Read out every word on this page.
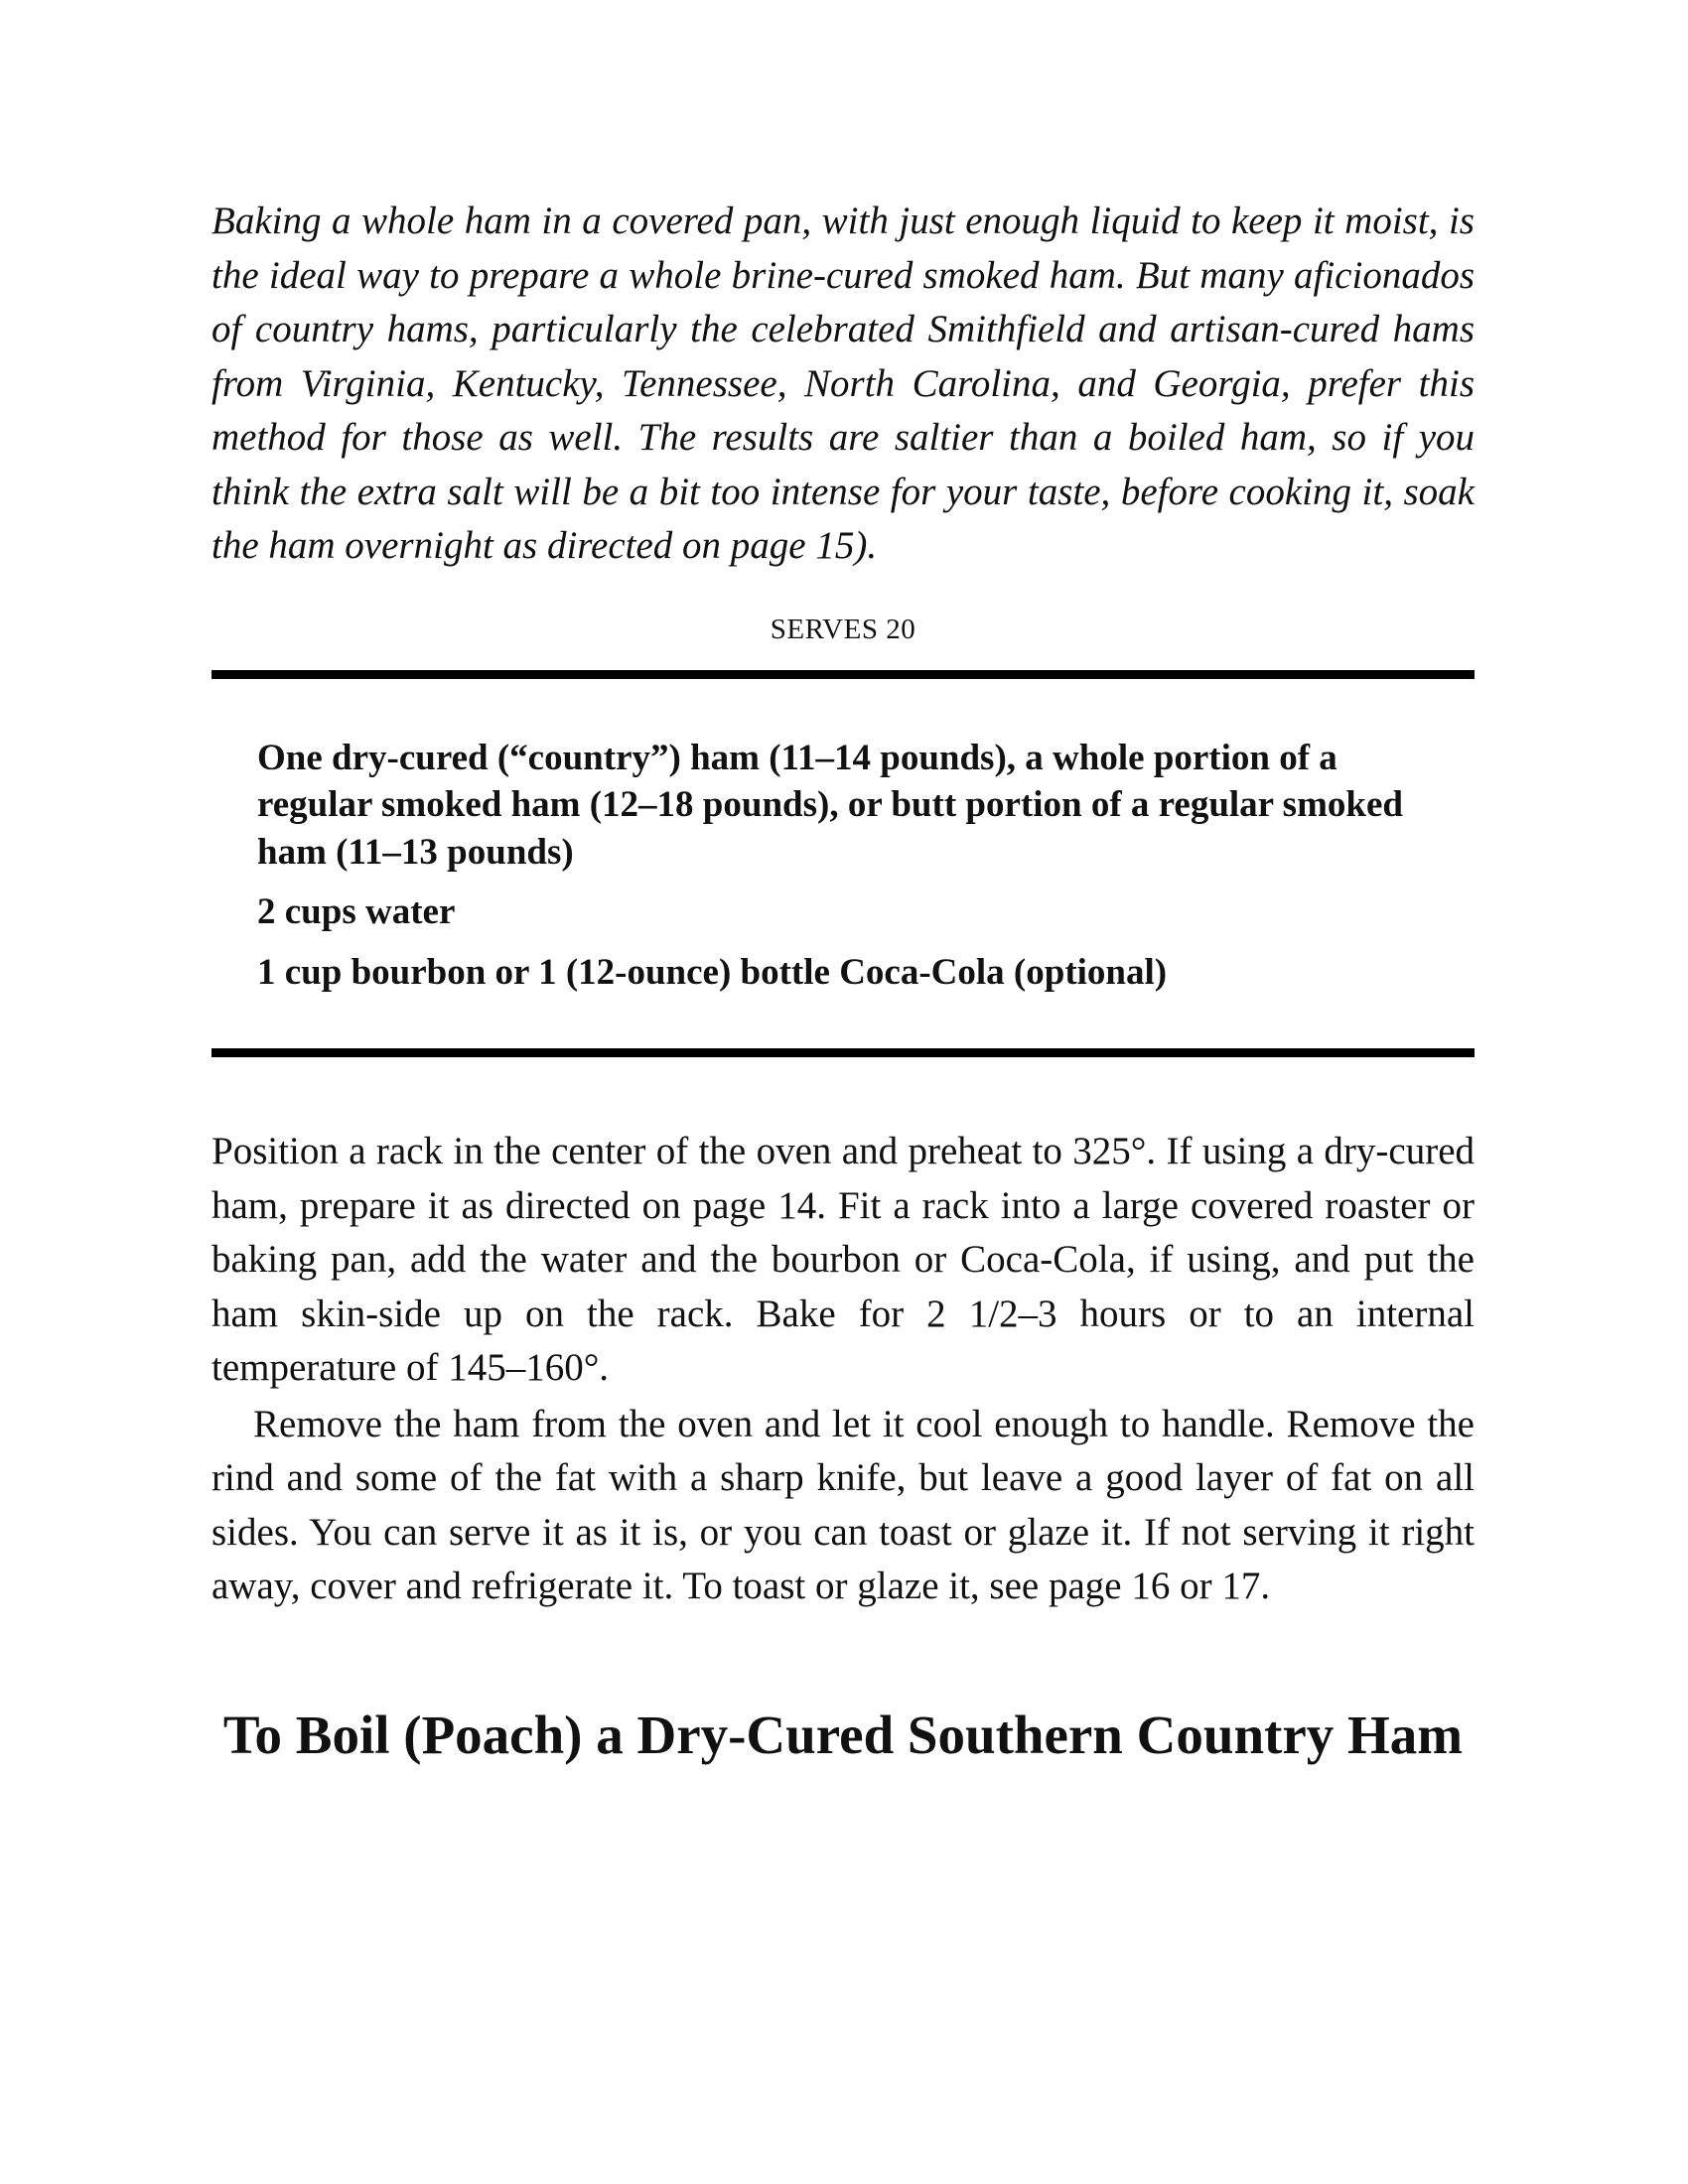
Baking a whole ham in a covered pan, with just enough liquid to keep it moist, is the ideal way to prepare a whole brine-cured smoked ham. But many aficionados of country hams, particularly the celebrated Smithfield and artisan-cured hams from Virginia, Kentucky, Tennessee, North Carolina, and Georgia, prefer this method for those as well. The results are saltier than a boiled ham, so if you think the extra salt will be a bit too intense for your taste, before cooking it, soak the ham overnight as directed on page 15).

SERVES 20
One dry-cured (“country”) ham (11–14 pounds), a whole portion of a regular smoked ham (12–18 pounds), or butt portion of a regular smoked ham (11–13 pounds)
2 cups water
1 cup bourbon or 1 (12-ounce) bottle Coca-Cola (optional)

Position a rack in the center of the oven and preheat to 325°. If using a dry-cured ham, prepare it as directed on page 14. Fit a rack into a large covered roaster or baking pan, add the water and the bourbon or Coca-Cola, if using, and put the ham skin-side up on the rack. Bake for 2 1/2–3 hours or to an internal temperature of 145–160°.

Remove the ham from the oven and let it cool enough to handle. Remove the rind and some of the fat with a sharp knife, but leave a good layer of fat on all sides. You can serve it as it is, or you can toast or glaze it. If not serving it right away, cover and refrigerate it. To toast or glaze it, see page 16 or 17.

To Boil (Poach) a Dry-Cured Southern Country Ham
